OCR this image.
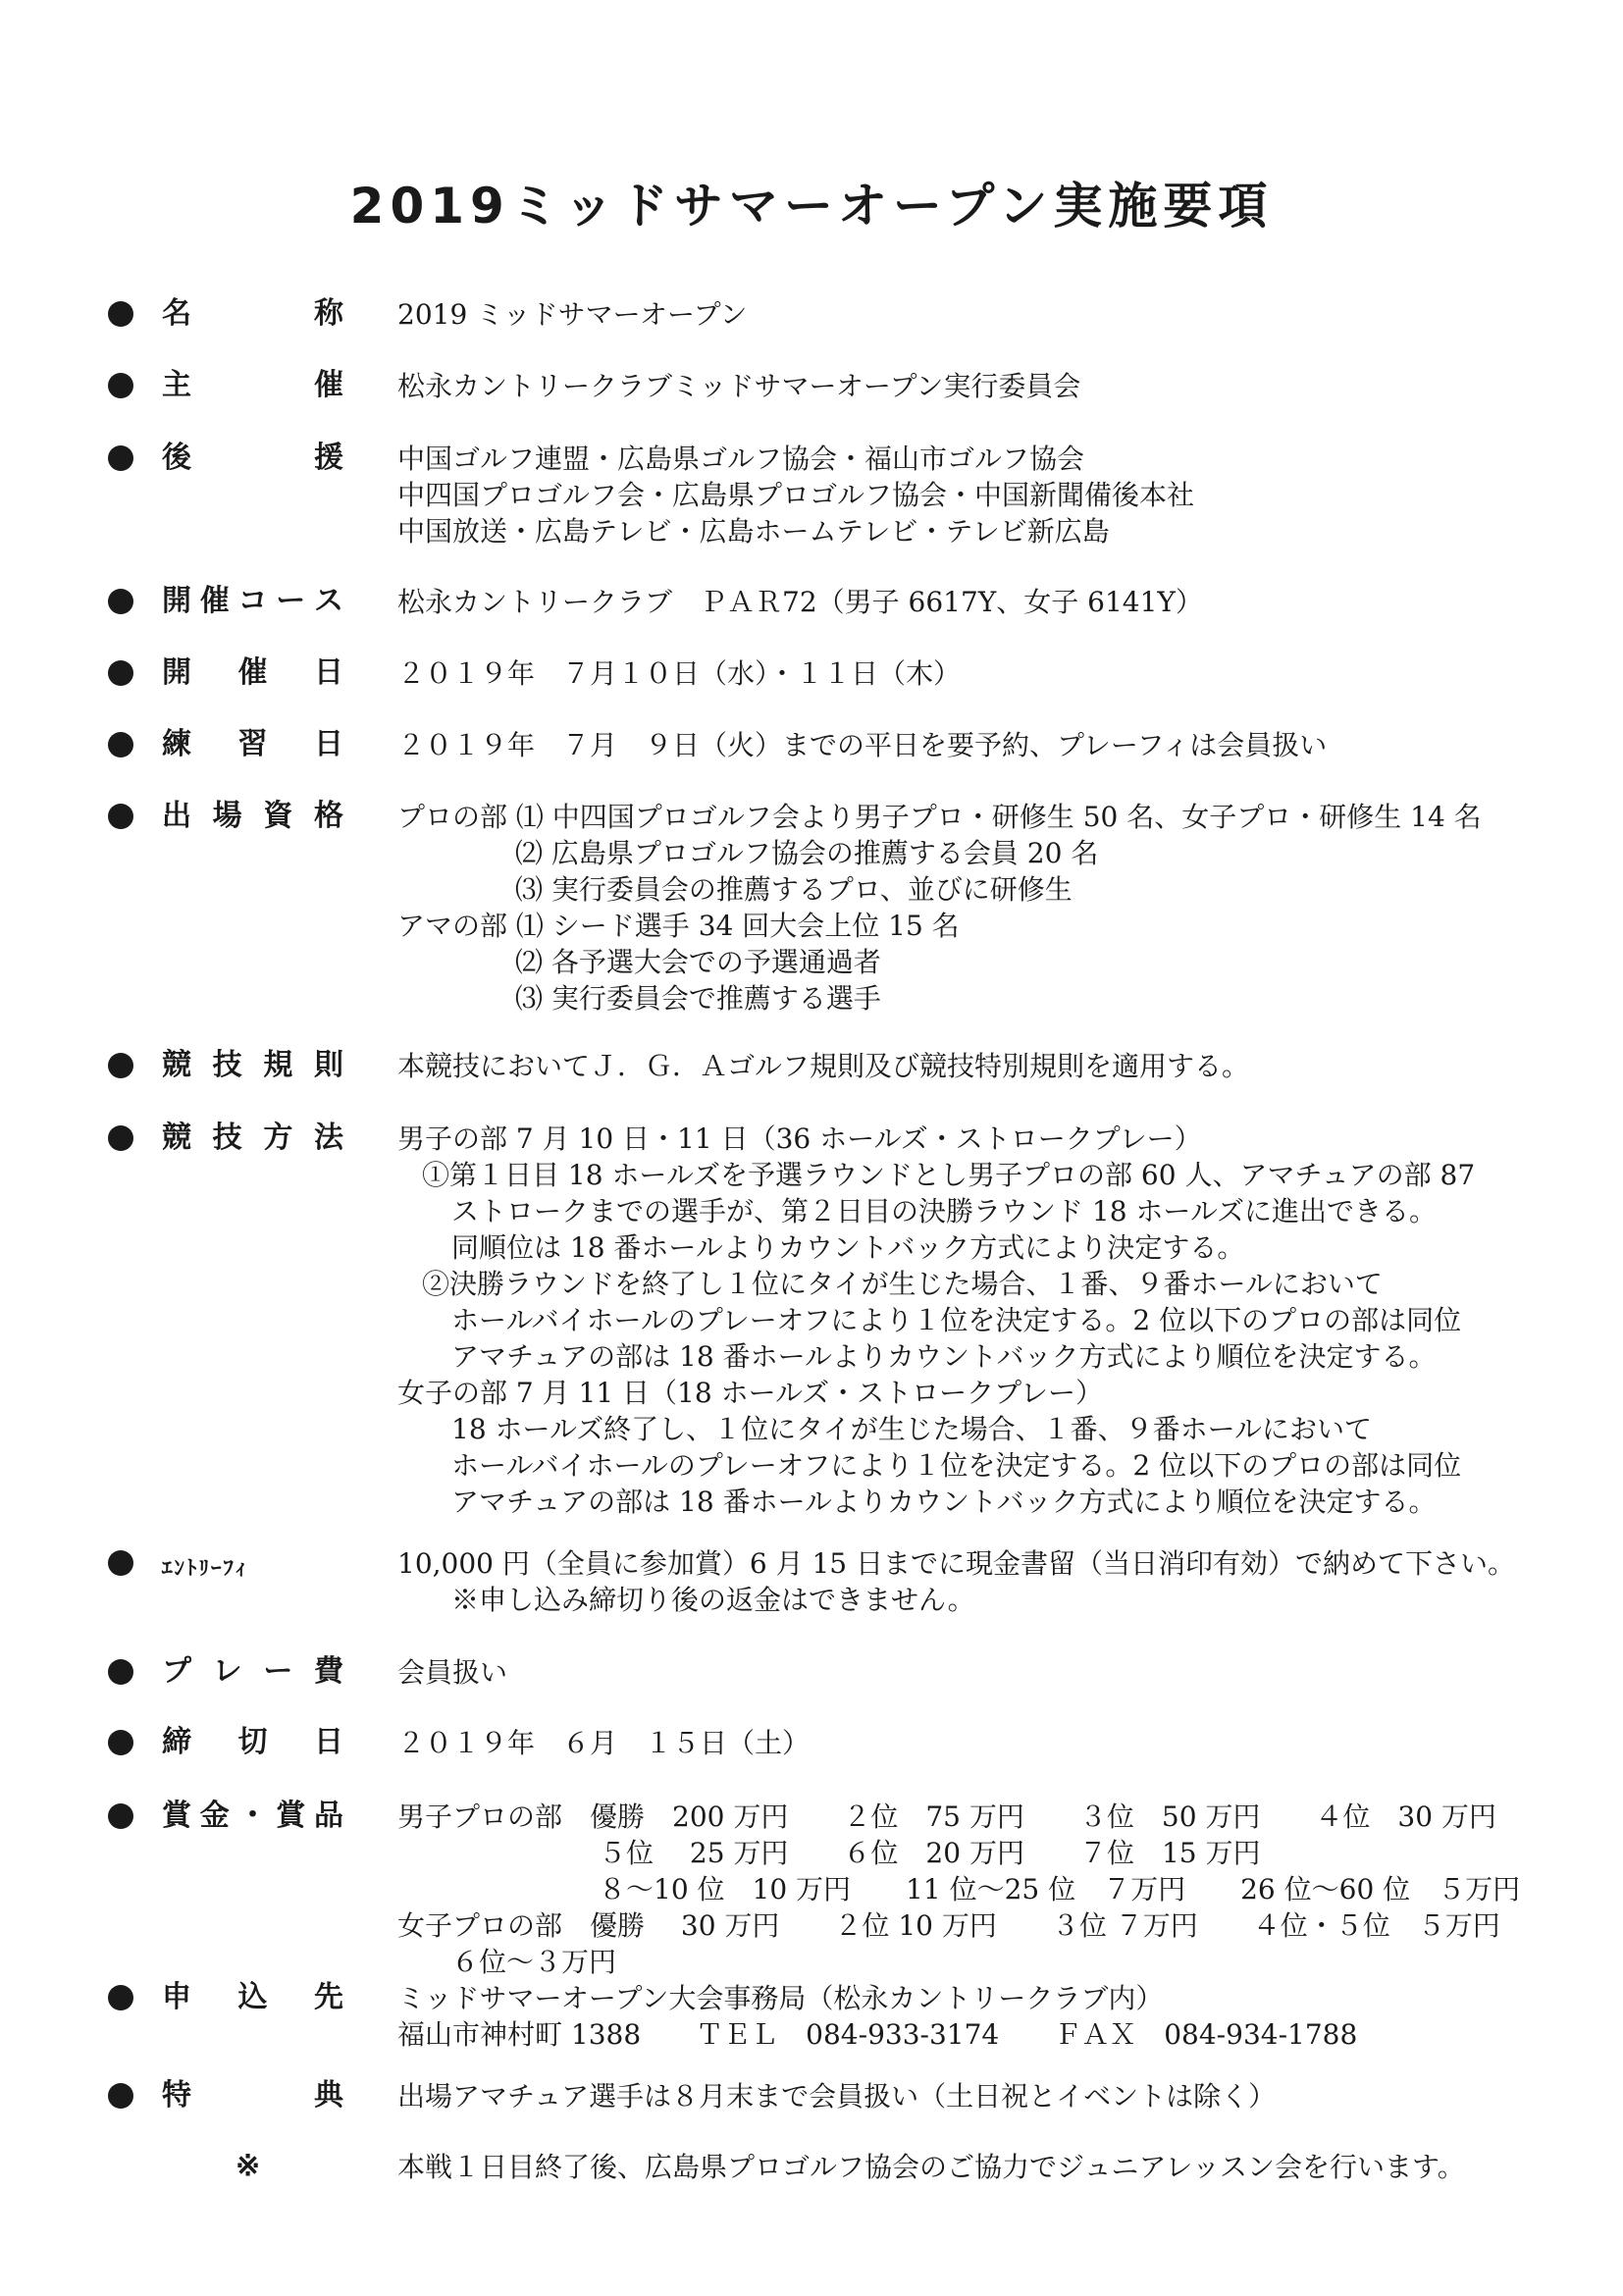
2019ミッドサマーオープン実施要項
名	称 2019 ミッドサマーオープン
主	催 松永カントリークラブミッドサマーオープン実行委員会
後	援 中国ゴルフ連盟・広島県ゴルフ協会・福山市ゴルフ協会
中四国プロゴルフ会・広島県プロゴルフ協会・中国新聞備後本社
中国放送・広島テレビ・広島ホームテレビ・テレビ新広島
開 催 コ ー ス 松永カントリークラブ　ＰＡＲ72（男子 6617Y、女子 6141Y）
開 催 日 ２０１９年　７月１０日（水）・１１日（木）
練 習 日 ２０１９年　７月　９日（火）までの平日を要予約、プレーフィは会員扱い
出 場 資 格 プロの部 ⑴ 中四国プロゴルフ会より男子プロ・研修生 50 名、女子プロ・研修生 14 名
⑵ 広島県プロゴルフ協会の推薦する会員 20 名
⑶ 実行委員会の推薦するプロ、並びに研修生
アマの部 ⑴ シード選手 34 回大会上位 15 名
⑵ 各予選大会での予選通過者
⑶ 実行委員会で推薦する選手
競 技 規 則 本競技においてＪ．Ｇ．Ａゴルフ規則及び競技特別規則を適用する。
競 技 方 法 男子の部 7 月 10 日・11 日（36 ホールズ・ストロークプレー）
①第１日目 18 ホールズを予選ラウンドとし男子プロの部 60 人、アマチュアの部 87
ストロークまでの選手が、第２日目の決勝ラウンド 18 ホールズに進出できる。
同順位は 18 番ホールよりカウントバック方式により決定する。
②決勝ラウンドを終了し１位にタイが生じた場合、１番、９番ホールにおいて
ホールバイホールのプレーオフにより１位を決定する。2 位以下のプロの部は同位
アマチュアの部は 18 番ホールよりカウントバック方式により順位を決定する。
女子の部 7 月 11 日（18 ホールズ・ストロークプレー）
18 ホールズ終了し、１位にタイが生じた場合、１番、９番ホールにおいて
ホールバイホールのプレーオフにより１位を決定する。2 位以下のプロの部は同位
アマチュアの部は 18 番ホールよりカウントバック方式により順位を決定する。
ｴﾝﾄﾘｰﾌｨ	10,000 円（全員に参加賞）6 月 15 日までに現金書留（当日消印有効）で納めて下さい。
※申し込み締切り後の返金はできません。
プ レ ー 費 会員扱い
締 切 日 ２０１９年　６月　１５日（土）
賞 金 ・ 賞 品 男子プロの部　優勝　200 万円　　２位　75 万円　　３位　50 万円　　４位　30 万円
５位　 25 万円　　６位　20 万円　　７位　15 万円
８～10 位　10 万円　　11 位～25 位　７万円　　26 位～60 位　５万円
女子プロの部　優勝　 30 万円　　２位 10 万円　　３位 ７万円　　４位・５位　５万円
６位～３万円
申 込 先 ミッドサマーオープン大会事務局（松永カントリークラブ内）
福山市神村町 1388　　ＴＥＬ　084-933-3174　　ＦＡＸ　084-934-1788
特	典 出場アマチュア選手は８月末まで会員扱い（土日祝とイベントは除く）
※	本戦１日目終了後、広島県プロゴルフ協会のご協力でジュニアレッスン会を行います。
